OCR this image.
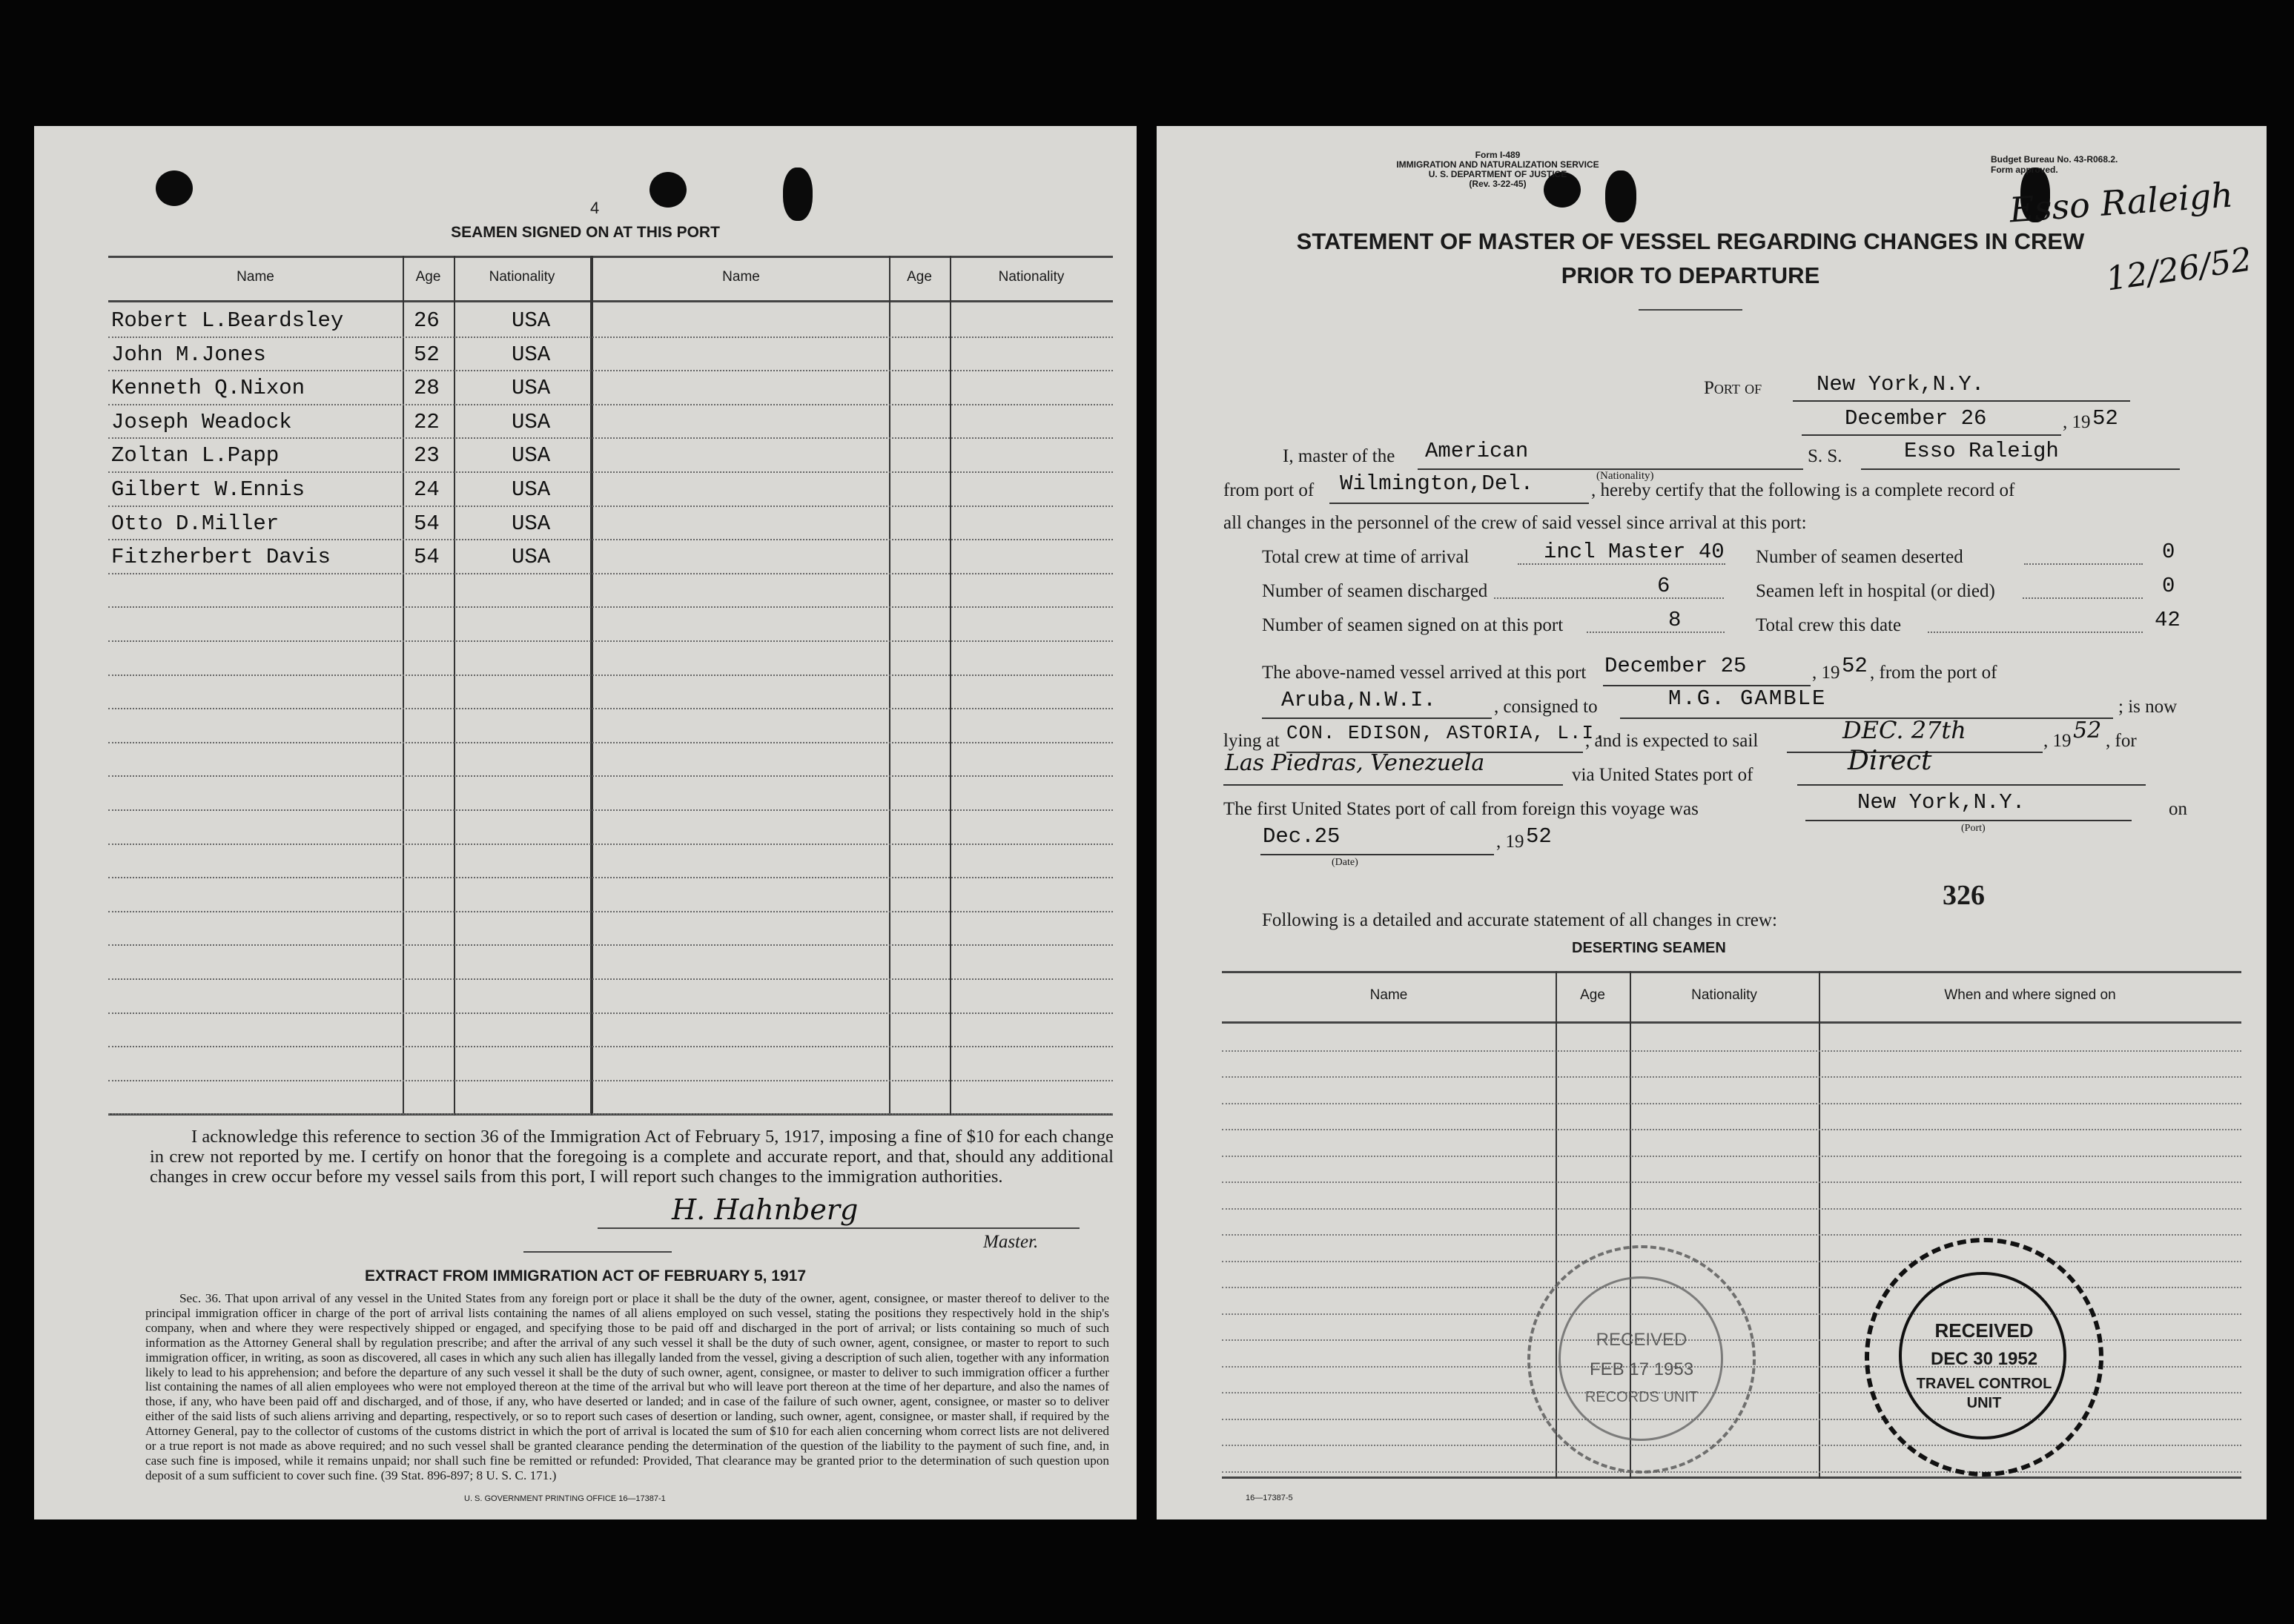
4
SEAMEN SIGNED ON AT THIS PORT
Name	Age	Nationality	Name	Age	Nationality
Robert L.Beardsley	26	USA
John M.Jones	52	USA
Kenneth Q.Nixon	28	USA
Joseph Weadock	22	USA
Zoltan L.Papp	23	USA
Gilbert W.Ennis	24	USA
Otto D.Miller	54	USA
Fitzherbert Davis	54	USA
I acknowledge this reference to section 36 of the Immigration Act of February 5, 1917, imposing a fine of $10 for each change in crew not reported by me. I certify on honor that the foregoing is a complete and accurate report, and that, should any additional changes in crew occur before my vessel sails from this port, I will report such changes to the immigration authorities.
H. Hahnberg
Master.
EXTRACT FROM IMMIGRATION ACT OF FEBRUARY 5, 1917
Sec. 36. That upon arrival of any vessel in the United States from any foreign port or place it shall be the duty of the owner, agent, consignee, or master thereof to deliver to the principal immigration officer in charge of the port of arrival lists containing the names of all aliens employed on such vessel, stating the positions they respectively hold in the ship's company, when and where they were respectively shipped or engaged, and specifying those to be paid off and discharged in the port of arrival; or lists containing so much of such information as the Attorney General shall by regulation prescribe; and after the arrival of any such vessel it shall be the duty of such owner, agent, consignee, or master to report to such immigration officer, in writing, as soon as discovered, all cases in which any such alien has illegally landed from the vessel, giving a description of such alien, together with any information likely to lead to his apprehension; and before the departure of any such vessel it shall be the duty of such owner, agent, consignee, or master to deliver to such immigration officer a further list containing the names of all alien employees who were not employed thereon at the time of the arrival but who will leave port thereon at the time of her departure, and also the names of those, if any, who have been paid off and discharged, and of those, if any, who have deserted or landed; and in case of the failure of such owner, agent, consignee, or master so to deliver either of the said lists of such aliens arriving and departing, respectively, or so to report such cases of desertion or landing, such owner, agent, consignee, or master shall, if required by the Attorney General, pay to the collector of customs of the customs district in which the port of arrival is located the sum of $10 for each alien concerning whom correct lists are not delivered or a true report is not made as above required; and no such vessel shall be granted clearance pending the determination of the question of the liability to the payment of such fine, and, in case such fine is imposed, while it remains unpaid; nor shall such fine be remitted or refunded: Provided, That clearance may be granted prior to the determination of such question upon deposit of a sum sufficient to cover such fine. (39 Stat. 896-897; 8 U. S. C. 171.)
U. S. GOVERNMENT PRINTING OFFICE 16—17387-1
Form I-489
IMMIGRATION AND NATURALIZATION SERVICE
U. S. DEPARTMENT OF JUSTICE
(Rev. 3-22-45)
Budget Bureau No. 43-R068.2.
Form approved.
Esso Raleigh
12/26/52
STATEMENT OF MASTER OF VESSEL REGARDING CHANGES IN CREW
PRIOR TO DEPARTURE
Port of	New York,N.Y.
December 26	, 19 52
I, master of the American	S. S.	Esso Raleigh
(Nationality)
from port of Wilmington,Del.	, hereby certify that the following is a complete record of
all changes in the personnel of the crew of said vessel since arrival at this port:
Total crew at time of arrival	incl Master 40 Number of seamen deserted	0
Number of seamen discharged	6	Seamen left in hospital (or died)	0
Number of seamen signed on at this port	8	Total crew this date	42
The above-named vessel arrived at this port December 25	, 19 52 , from the port of
Aruba,N.W.I.	, consigned to	M.G. GAMBLE	; is now
lying at CON. EDISON, ASTORIA, L.I.
, and is expected to sail	DEC. 27th	, 19 52 , for
Las Piedras, Venezuela	via United States port of	Direct
The first United States port of call from foreign this voyage was	New York,N.Y.	on
(Port)
Dec.25	, 19 52
(Date)
326
Following is a detailed and accurate statement of all changes in crew:
DESERTING SEAMEN
Name	Age	Nationality	When and where signed on
RECEIVED
FEB 17 1953
RECORDS UNIT
RECEIVED
DEC 30 1952
TRAVEL CONTROL
UNIT
16—17387-5
